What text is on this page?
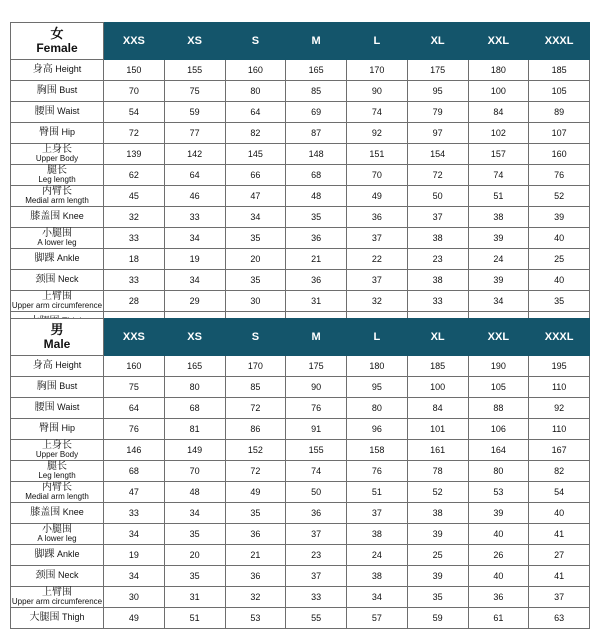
女
Female	XXS	XS	S	M	L	XL	XXL	XXXL
身高 Height	150	155	160	165	170	175	180	185
胸围 Bust	70	75	80	85	90	95	100	105
腰围 Waist	54	59	64	69	74	79	84	89
臀围 Hip	72	77	82	87	92	97	102	107

上身长
Upper Body	139	142	145	148	151	154	157	160

腿长
Leg length	62	64	66	68	70	72	74	76

内臂长
Medial arm length	45	46	47	48	49	50	51	52
膝盖围 Knee	32	33	34	35	36	37	38	39

小腿围
A lower leg	33	34	35	36	37	38	39	40
脚踝 Ankle	18	19	20	21	22	23	24	25
颈围 Neck	33	34	35	36	37	38	39	40

上臂围
Upper arm circumference	28	29	30	31	32	33	34	35

男
Male	XXS	XS	S	M	L	XL	XXL	XXXL
身高 Height	160	165	170	175	180	185	190	195
胸围 Bust	75	80	85	90	95	100	105	110
腰围 Waist	64	68	72	76	80	84	88	92
臀围 Hip	76	81	86	91	96	101	106	110

上身长
Upper Body	146	149	152	155	158	161	164	167

腿长
Leg length	68	70	72	74	76	78	80	82

内臂长
Medial arm length	47	48	49	50	51	52	53	54
膝盖围 Knee	33	34	35	36	37	38	39	40

小腿围
A lower leg	34	35	36	37	38	39	40	41
脚踝 Ankle	19	20	21	23	24	25	26	27
颈围 Neck	34	35	36	37	38	39	40	41

上臂围
Upper arm circumference	30	31	32	33	34	35	36	37
大腿围 Thigh	49	51	53	55	57	59	61	63
